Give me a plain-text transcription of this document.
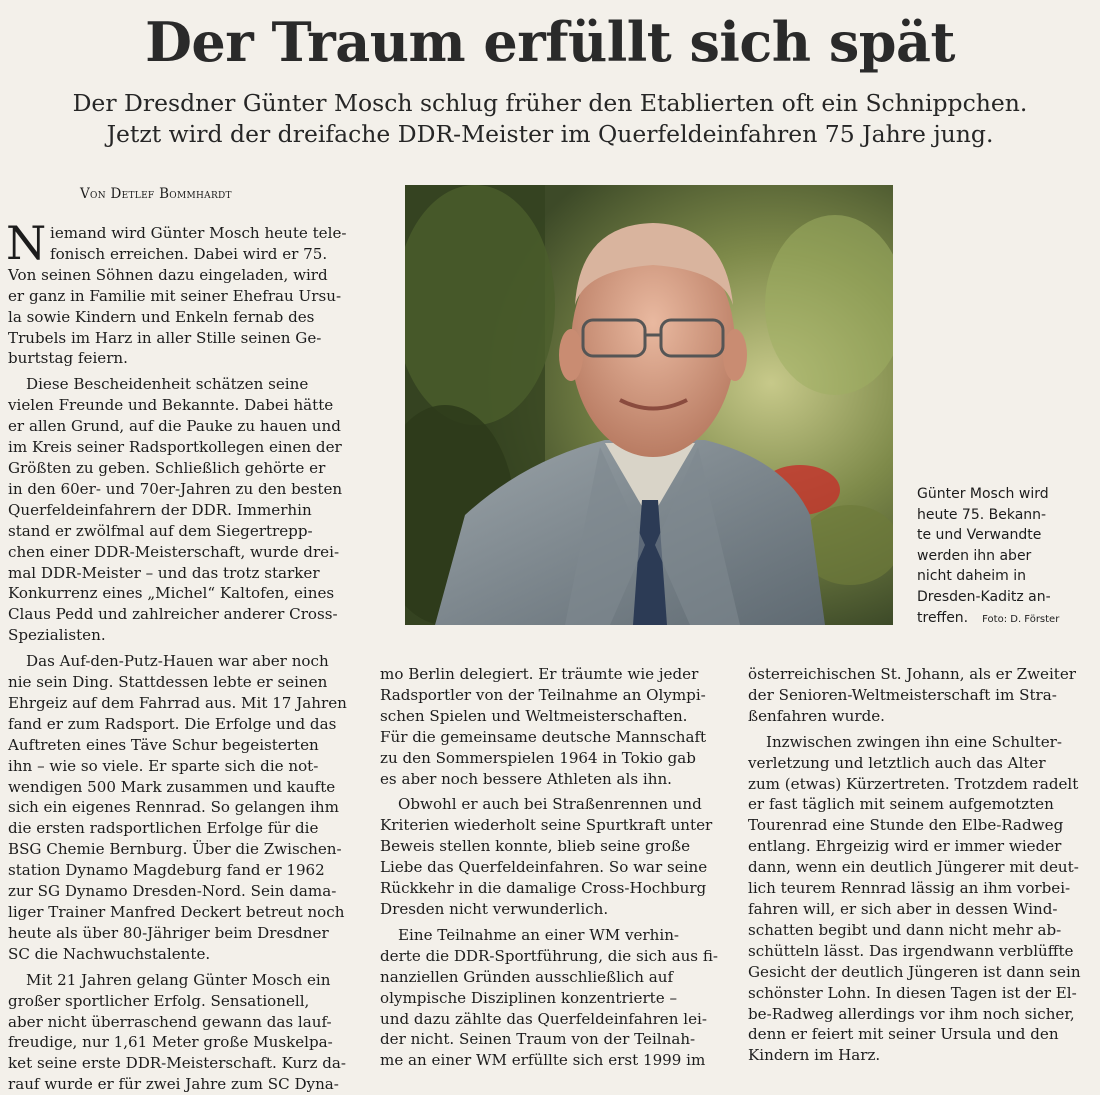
Der Traum erfüllt sich spät
Der Dresdner Günter Mosch schlug früher den Etablierten oft ein Schnippchen.
Jetzt wird der dreifache DDR-Meister im Querfeldeinfahren 75 Jahre jung.
Von Detlef Bommhardt
Günter Mosch wird
heute 75. Bekann-
te und Verwandte
werden ihn aber
nicht daheim in
Dresden-Kaditz an-
treffen. Foto: D. Förster
N iemand wird Günter Mosch heute tele-
fonisch erreichen. Dabei wird er 75.
Von seinen Söhnen dazu eingeladen, wird
er ganz in Familie mit seiner Ehefrau Ursu-
la sowie Kindern und Enkeln fernab des
Trubels im Harz in aller Stille seinen Ge-
burtstag feiern.
Diese Bescheidenheit schätzen seine
vielen Freunde und Bekannte. Dabei hätte
er allen Grund, auf die Pauke zu hauen und
im Kreis seiner Radsportkollegen einen der
Größten zu geben. Schließlich gehörte er
in den 60er- und 70er-Jahren zu den besten
Querfeldeinfahrern der DDR. Immerhin
stand er zwölfmal auf dem Siegertrepp-
chen einer DDR-Meisterschaft, wurde drei-
mal DDR-Meister – und das trotz starker
Konkurrenz eines „Michel“ Kaltofen, eines
Claus Pedd und zahlreicher anderer Cross-
Spezialisten.
Das Auf-den-Putz-Hauen war aber noch
nie sein Ding. Stattdessen lebte er seinen
Ehrgeiz auf dem Fahrrad aus. Mit 17 Jahren
fand er zum Radsport. Die Erfolge und das
Auftreten eines Täve Schur begeisterten
ihn – wie so viele. Er sparte sich die not-
wendigen 500 Mark zusammen und kaufte
sich ein eigenes Rennrad. So gelangen ihm
die ersten radsportlichen Erfolge für die
BSG Chemie Bernburg. Über die Zwischen-
station Dynamo Magdeburg fand er 1962
zur SG Dynamo Dresden-Nord. Sein dama-
liger Trainer Manfred Deckert betreut noch
heute als über 80-Jähriger beim Dresdner
SC die Nachwuchstalente.
Mit 21 Jahren gelang Günter Mosch ein
großer sportlicher Erfolg. Sensationell,
aber nicht überraschend gewann das lauf-
freudige, nur 1,61 Meter große Muskelpa-
ket seine erste DDR-Meisterschaft. Kurz da-
rauf wurde er für zwei Jahre zum SC Dyna-
mo Berlin delegiert. Er träumte wie jeder
Radsportler von der Teilnahme an Olympi-
schen Spielen und Weltmeisterschaften.
Für die gemeinsame deutsche Mannschaft
zu den Sommerspielen 1964 in Tokio gab
es aber noch bessere Athleten als ihn.
Obwohl er auch bei Straßenrennen und
Kriterien wiederholt seine Spurtkraft unter
Beweis stellen konnte, blieb seine große
Liebe das Querfeldeinfahren. So war seine
Rückkehr in die damalige Cross-Hochburg
Dresden nicht verwunderlich.
Eine Teilnahme an einer WM verhin-
derte die DDR-Sportführung, die sich aus fi-
nanziellen Gründen ausschließlich auf
olympische Disziplinen konzentrierte –
und dazu zählte das Querfeldeinfahren lei-
der nicht. Seinen Traum von der Teilnah-
me an einer WM erfüllte sich erst 1999 im
österreichischen St. Johann, als er Zweiter
der Senioren-Weltmeisterschaft im Stra-
ßenfahren wurde.
Inzwischen zwingen ihn eine Schulter-
verletzung und letztlich auch das Alter
zum (etwas) Kürzertreten. Trotzdem radelt
er fast täglich mit seinem aufgemotzten
Tourenrad eine Stunde den Elbe-Radweg
entlang. Ehrgeizig wird er immer wieder
dann, wenn ein deutlich Jüngerer mit deut-
lich teurem Rennrad lässig an ihm vorbei-
fahren will, er sich aber in dessen Wind-
schatten begibt und dann nicht mehr ab-
schütteln lässt. Das irgendwann verblüffte
Gesicht der deutlich Jüngeren ist dann sein
schönster Lohn. In diesen Tagen ist der El-
be-Radweg allerdings vor ihm noch sicher,
denn er feiert mit seiner Ursula und den
Kindern im Harz.
